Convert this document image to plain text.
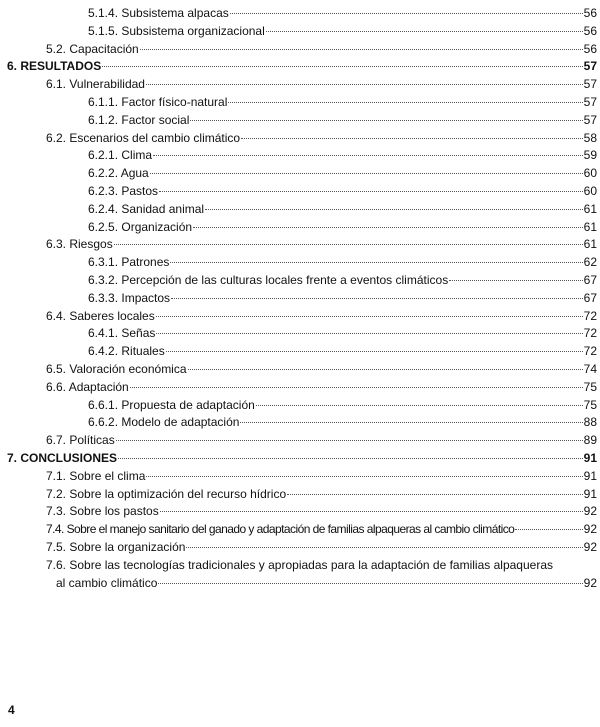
5.1.4. Subsistema alpacas	56
5.1.5. Subsistema organizacional	56
5.2. Capacitación	56
6. RESULTADOS	57
6.1. Vulnerabilidad	57
6.1.1. Factor físico-natural	57
6.1.2. Factor social	57
6.2. Escenarios del cambio climático	58
6.2.1. Clima	59
6.2.2. Agua	60
6.2.3. Pastos	60
6.2.4. Sanidad animal	61
6.2.5. Organización	61
6.3. Riesgos	61
6.3.1. Patrones	62
6.3.2. Percepción de las culturas locales frente a eventos climáticos	67
6.3.3. Impactos	67
6.4. Saberes locales	72
6.4.1. Señas	72
6.4.2. Rituales	72
6.5. Valoración económica	74
6.6. Adaptación	75
6.6.1. Propuesta de adaptación	75
6.6.2. Modelo de adaptación	88
6.7. Políticas	89
7. CONCLUSIONES	91
7.1. Sobre el clima	91
7.2. Sobre la optimización del recurso hídrico	91
7.3. Sobre los pastos	92
7.4. Sobre el manejo sanitario del ganado y adaptación de familias alpaqueras al cambio climático	92
7.5. Sobre la organización	92
7.6. Sobre las tecnologías tradicionales y apropiadas para la adaptación de familias alpaqueras
al cambio climático	92
4
